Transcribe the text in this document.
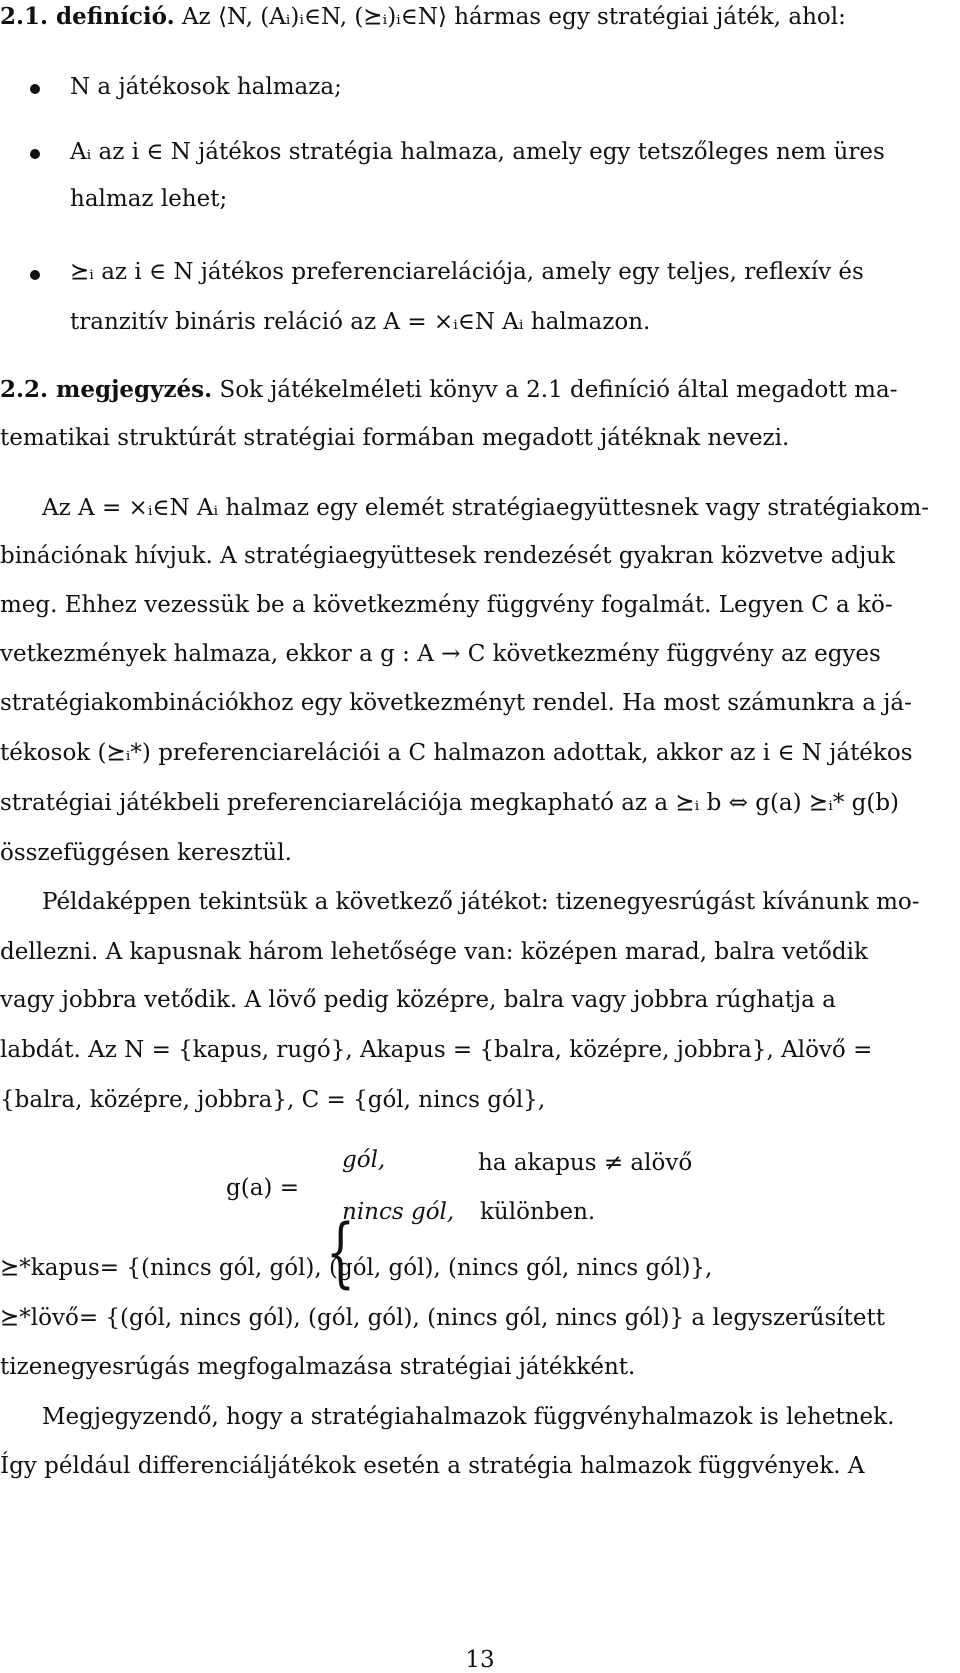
2.1. definíció. Az ⟨N, (Aᵢ)ᵢ∈N, (⪰ᵢ)ᵢ∈N⟩ hármas egy stratégiai játék, ahol:
N a játékosok halmaza;
Aᵢ az i ∈ N játékos stratégia halmaza, amely egy tetszőleges nem üres
halmaz lehet;
⪰ᵢ az i ∈ N játékos preferenciarelációja, amely egy teljes, reflexív és
tranzitív bináris reláció az A = ×ᵢ∈N Aᵢ halmazon.
2.2. megjegyzés. Sok játékelméleti könyv a 2.1 definíció által megadott ma-
tematikai struktúrát stratégiai formában megadott játéknak nevezi.
Az A = ×ᵢ∈N Aᵢ halmaz egy elemét stratégiaegyüttesnek vagy stratégiakom-
binációnak hívjuk. A stratégiaegyüttesek rendezését gyakran közvetve adjuk
meg. Ehhez vezessük be a következmény függvény fogalmát. Legyen C a kö-
vetkezmények halmaza, ekkor a g : A → C következmény függvény az egyes
stratégiakombinációkhoz egy következményt rendel. Ha most számunkra a já-
tékosok (⪰ᵢ*) preferenciarelációi a C halmazon adottak, akkor az i ∈ N játékos
stratégiai játékbeli preferenciarelációja megkapható az a ⪰ᵢ b ⇔ g(a) ⪰ᵢ* g(b)
összefüggésen keresztül.
Példaképpen tekintsük a következő játékot: tizenegyesrúgást kívánunk mo-
dellezni. A kapusnak három lehetősége van: középen marad, balra vetődik
vagy jobbra vetődik. A lövő pedig középre, balra vagy jobbra rúghatja a
labdát. Az N = {kapus, rugó}, Akapus = {balra, középre, jobbra}, Alövő =
{balra, középre, jobbra}, C = {gól, nincs gól},
g(a) =
{
gól,	ha akapus ≠ alövő
nincs gól, különben.
⪰*kapus= {(nincs gól, gól), (gól, gól), (nincs gól, nincs gól)},
⪰*lövő= {(gól, nincs gól), (gól, gól), (nincs gól, nincs gól)} a legyszerűsített
tizenegyesrúgás megfogalmazása stratégiai játékként.
Megjegyzendő, hogy a stratégiahalmazok függvényhalmazok is lehetnek.
Így például differenciáljátékok esetén a stratégia halmazok függvények. A
13
